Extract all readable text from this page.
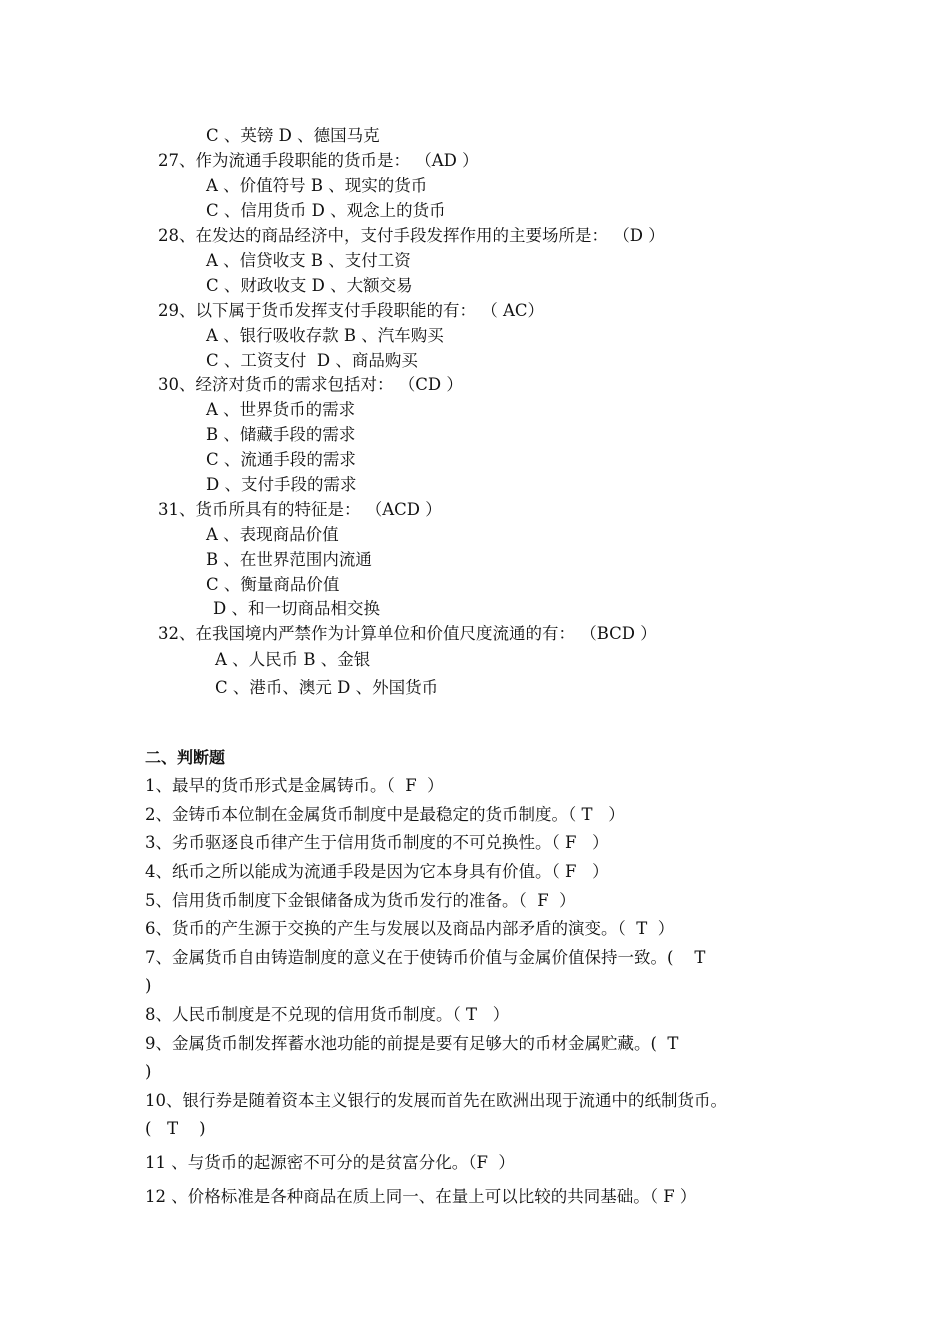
C 、英镑 D 、德国马克
27、作为流通手段职能的货币是： （AD ）
A 、价值符号 B 、现实的货币
C 、信用货币 D 、观念上的货币
28、在发达的商品经济中，支付手段发挥作用的主要场所是： （D ）
A 、信贷收支 B 、支付工资
C 、财政收支 D 、大额交易
29、以下属于货币发挥支付手段职能的有： （ AC）
A 、银行吸收存款 B 、汽车购买
C 、工资支付  D 、商品购买
30、经济对货币的需求包括对： （CD ）
A 、世界货币的需求
B 、储藏手段的需求
C 、流通手段的需求
D 、支付手段的需求
31、货币所具有的特征是： （ACD ）
A 、表现商品价值
B 、在世界范围内流通
C 、衡量商品价值
D 、和一切商品相交换
32、在我国境内严禁作为计算单位和价值尺度流通的有： （BCD ）
A 、人民币 B 、金银
C 、港币、澳元 D 、外国货币
二、判断题
1、最早的货币形式是金属铸币。（  F  ）
2、金铸币本位制在金属货币制度中是最稳定的货币制度。（ T   ）
3、劣币驱逐良币律产生于信用货币制度的不可兑换性。（ F   ）
4、纸币之所以能成为流通手段是因为它本身具有价值。（ F   ）
5、信用货币制度下金银储备成为货币发行的准备。（  F  ）
6、货币的产生源于交换的产生与发展以及商品内部矛盾的演变。（  T  ）
7、金属货币自由铸造制度的意义在于使铸币价值与金属价值保持一致。(    T
)
8、人民币制度是不兑现的信用货币制度。（ T   ）
9、金属货币制发挥蓄水池功能的前提是要有足够大的币材金属贮藏。(  T
)
10、银行券是随着资本主义银行的发展而首先在欧洲出现于流通中的纸制货币。
(   T    )
11 、与货币的起源密不可分的是贫富分化。（F  ）
12 、价格标准是各种商品在质上同一、在量上可以比较的共同基础。（ F ）
